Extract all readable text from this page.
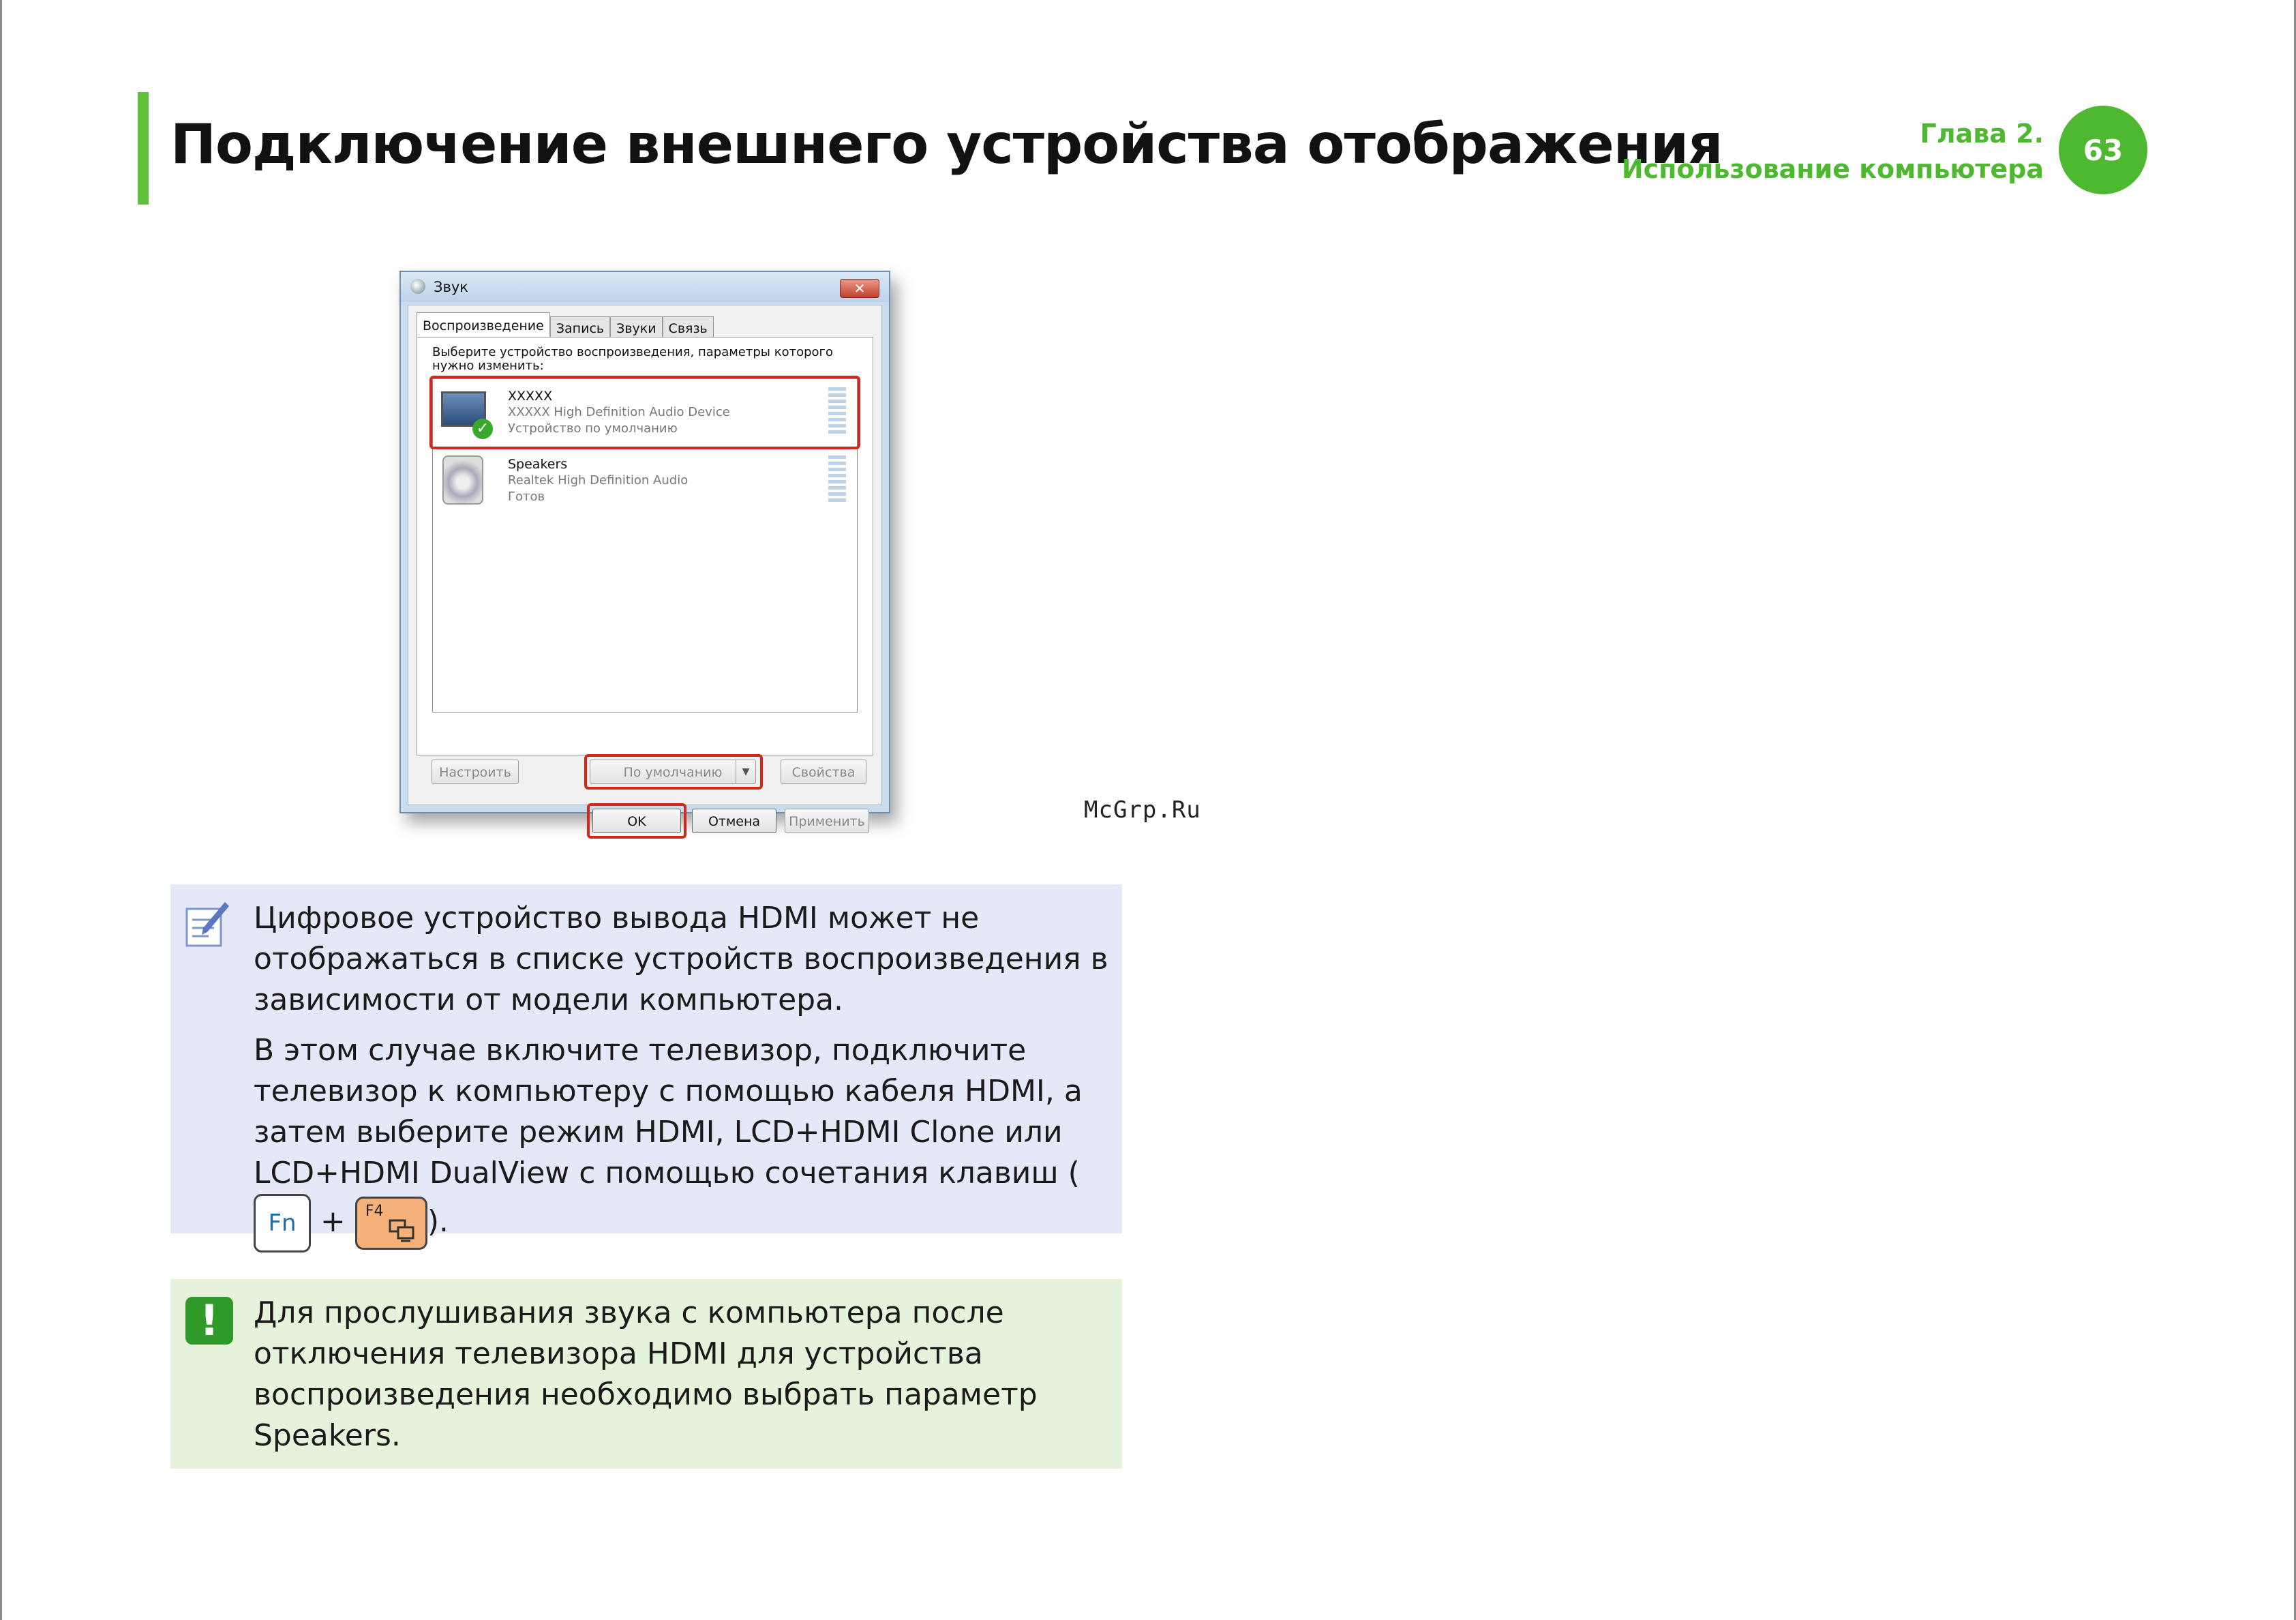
Подключение внешнего устройства отображения	Глава 2.
Использование компьютера
63
Звук	✕
Воспроизведение Запись Звуки Связь
Выберите устройство воспроизведения, параметры которого нужно изменить:
✓
XXXXX
XXXXX High Definition Audio Device
Устройство по умолчанию
Speakers
Realtek High Definition Audio
Готов
Настроить	По умолчанию	▼	Свойства
OK	Отмена	Применить	McGrp.Ru

Цифровое устройство вывода HDMI может не отображаться в списке устройств воспроизведения в зависимости от модели компьютера.

В этом случае включите телевизор, подключите телевизор к компьютеру с помощью кабеля HDMI, а затем выберите режим HDMI, LCD+HDMI Clone или LCD+HDMI DualView с помощью сочетания клавиш (Fn + F4 ).

!	Для прослушивания звука с компьютера после отключения телевизора HDMI для устройства воспроизведения необходимо выбрать параметр Speakers.
